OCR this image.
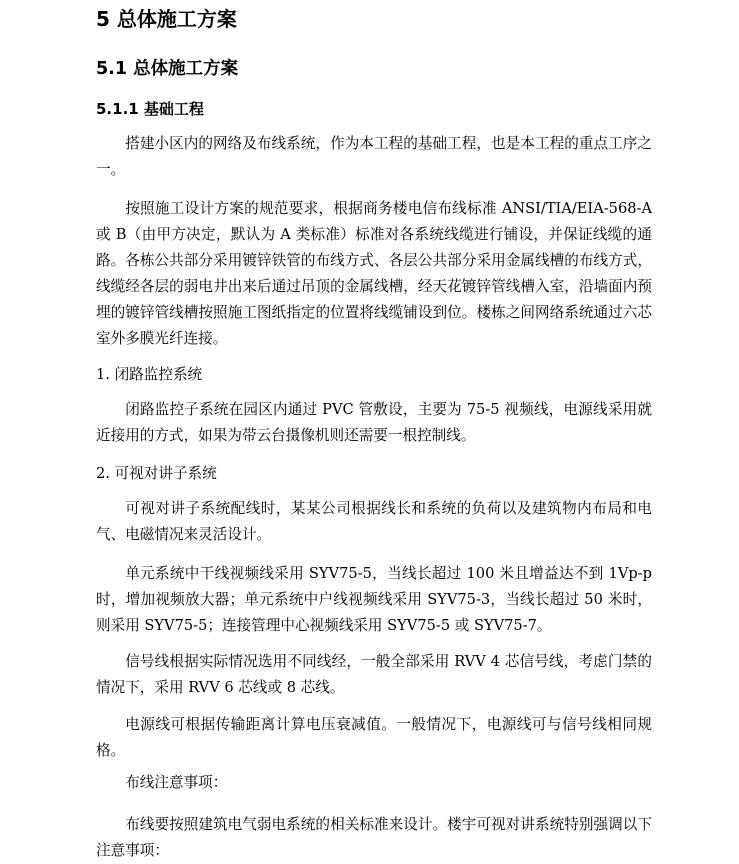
5 总体施工方案
5.1 总体施工方案
5.1.1 基础工程

搭建小区内的网络及布线系统，作为本工程的基础工程，也是本工程的重点工序之一。

按照施工设计方案的规范要求，根据商务楼电信布线标准 ANSI/TIA/EIA-568-A 或 B（由甲方决定，默认为 A 类标准）标准对各系统线缆进行铺设，并保证线缆的通路。各栋公共部分采用镀锌铁管的布线方式、各层公共部分采用金属线槽的布线方式，线缆经各层的弱电井出来后通过吊顶的金属线槽，经天花镀锌管线槽入室，沿墙面内预埋的镀锌管线槽按照施工图纸指定的位置将线缆铺设到位。楼栋之间网络系统通过六芯室外多膜光纤连接。

1. 闭路监控系统

闭路监控子系统在园区内通过 PVC 管敷设，主要为 75-5 视频线，电源线采用就近接用的方式，如果为带云台摄像机则还需要一根控制线。

2. 可视对讲子系统

可视对讲子系统配线时，某某公司根据线长和系统的负荷以及建筑物内布局和电气、电磁情况来灵活设计。

单元系统中干线视频线采用 SYV75-5，当线长超过 100 米且增益达不到 1Vp-p 时，增加视频放大器；单元系统中户线视频线采用 SYV75-3，当线长超过 50 米时，则采用 SYV75-5；连接管理中心视频线采用 SYV75-5 或 SYV75-7。

信号线根据实际情况选用不同线经，一般全部采用 RVV 4 芯信号线，考虑门禁的情况下，采用 RVV 6 芯线或 8 芯线。

电源线可根据传输距离计算电压衰减值。一般情况下，电源线可与信号线相同规格。

布线注意事项：

布线要按照建筑电气弱电系统的相关标准来设计。楼宇可视对讲系统特别强调以下注意事项：
